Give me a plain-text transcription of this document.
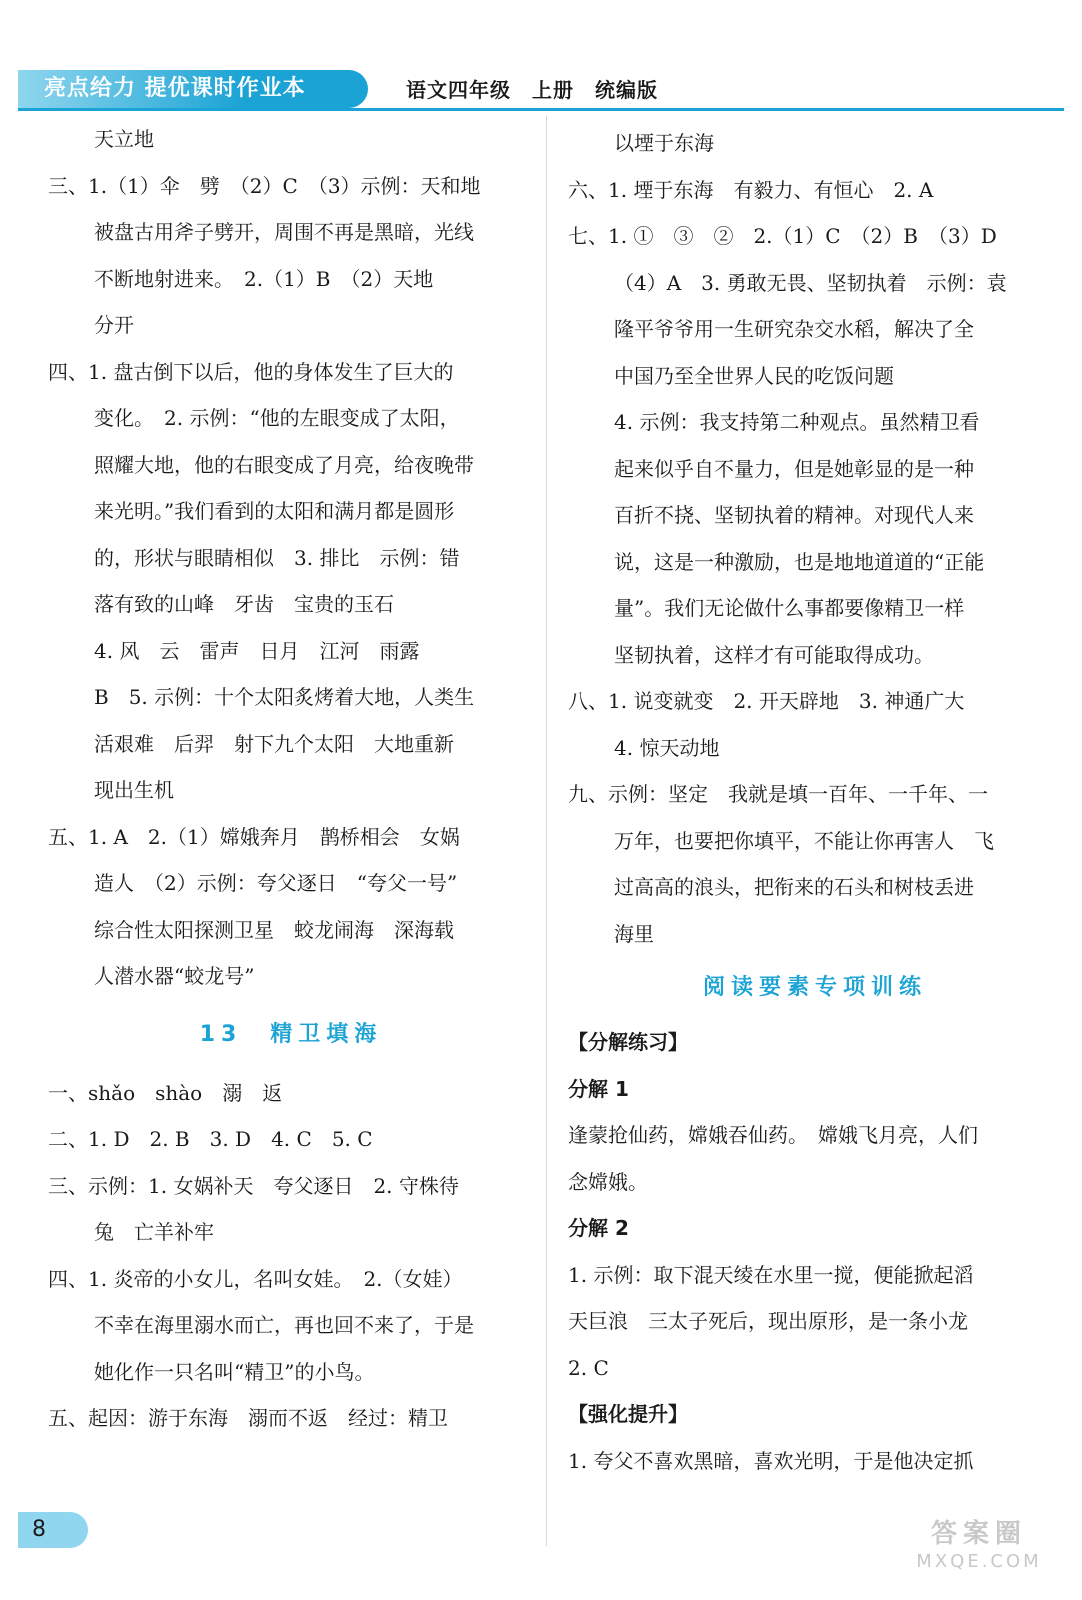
亮点给力 提优课时作业本	语文四年级　上册　统编版
天立地
三、1.（1）伞　劈　（2）C　（3）示例：天和地
被盘古用斧子劈开，周围不再是黑暗，光线
不断地射进来。　2.（1）B　（2）天地
分开
四、1. 盘古倒下以后，他的身体发生了巨大的
变化。　2. 示例：“他的左眼变成了太阳，
照耀大地，他的右眼变成了月亮，给夜晚带
来光明。”我们看到的太阳和满月都是圆形
的，形状与眼睛相似　3. 排比　示例：错
落有致的山峰　牙齿　宝贵的玉石
4. 风　云　雷声　日月　江河　雨露
B　5. 示例：十个太阳炙烤着大地，人类生
活艰难　后羿　射下九个太阳　大地重新
现出生机
五、1. A　2.（1）嫦娥奔月　鹊桥相会　女娲
造人　（2）示例：夸父逐日　“夸父一号”
综合性太阳探测卫星　蛟龙闹海　深海载
人潜水器“蛟龙号”
13　精卫填海
一、shǎo　shào　溺　返
二、1. D　2. B　3. D　4. C　5. C
三、示例：1. 女娲补天　夸父逐日　2. 守株待
兔　亡羊补牢
四、1. 炎帝的小女儿，名叫女娃。　2.（女娃）
不幸在海里溺水而亡，再也回不来了，于是
她化作一只名叫“精卫”的小鸟。
五、起因：游于东海　溺而不返　经过：精卫
以堙于东海
六、1. 堙于东海　有毅力、有恒心　2. A
七、1. ①　③　②　2.（1）C　（2）B　（3）D
（4）A　3. 勇敢无畏、坚韧执着　示例：袁
隆平爷爷用一生研究杂交水稻，解决了全
中国乃至全世界人民的吃饭问题
4. 示例：我支持第二种观点。虽然精卫看
起来似乎自不量力，但是她彰显的是一种
百折不挠、坚韧执着的精神。对现代人来
说，这是一种激励，也是地地道道的“正能
量”。我们无论做什么事都要像精卫一样
坚韧执着，这样才有可能取得成功。
八、1. 说变就变　2. 开天辟地　3. 神通广大
4. 惊天动地
九、示例：坚定　我就是填一百年、一千年、一
万年，也要把你填平，不能让你再害人　飞
过高高的浪头，把衔来的石头和树枝丢进
海里
阅读要素专项训练
【分解练习】
分解 1
逢蒙抢仙药，嫦娥吞仙药。　嫦娥飞月亮，人们
念嫦娥。
分解 2
1. 示例：取下混天绫在水里一搅，便能掀起滔
天巨浪　三太子死后，现出原形，是一条小龙
2. C
【强化提升】
1. 夸父不喜欢黑暗，喜欢光明，于是他决定抓
8	答案圈
MXQE.COM
